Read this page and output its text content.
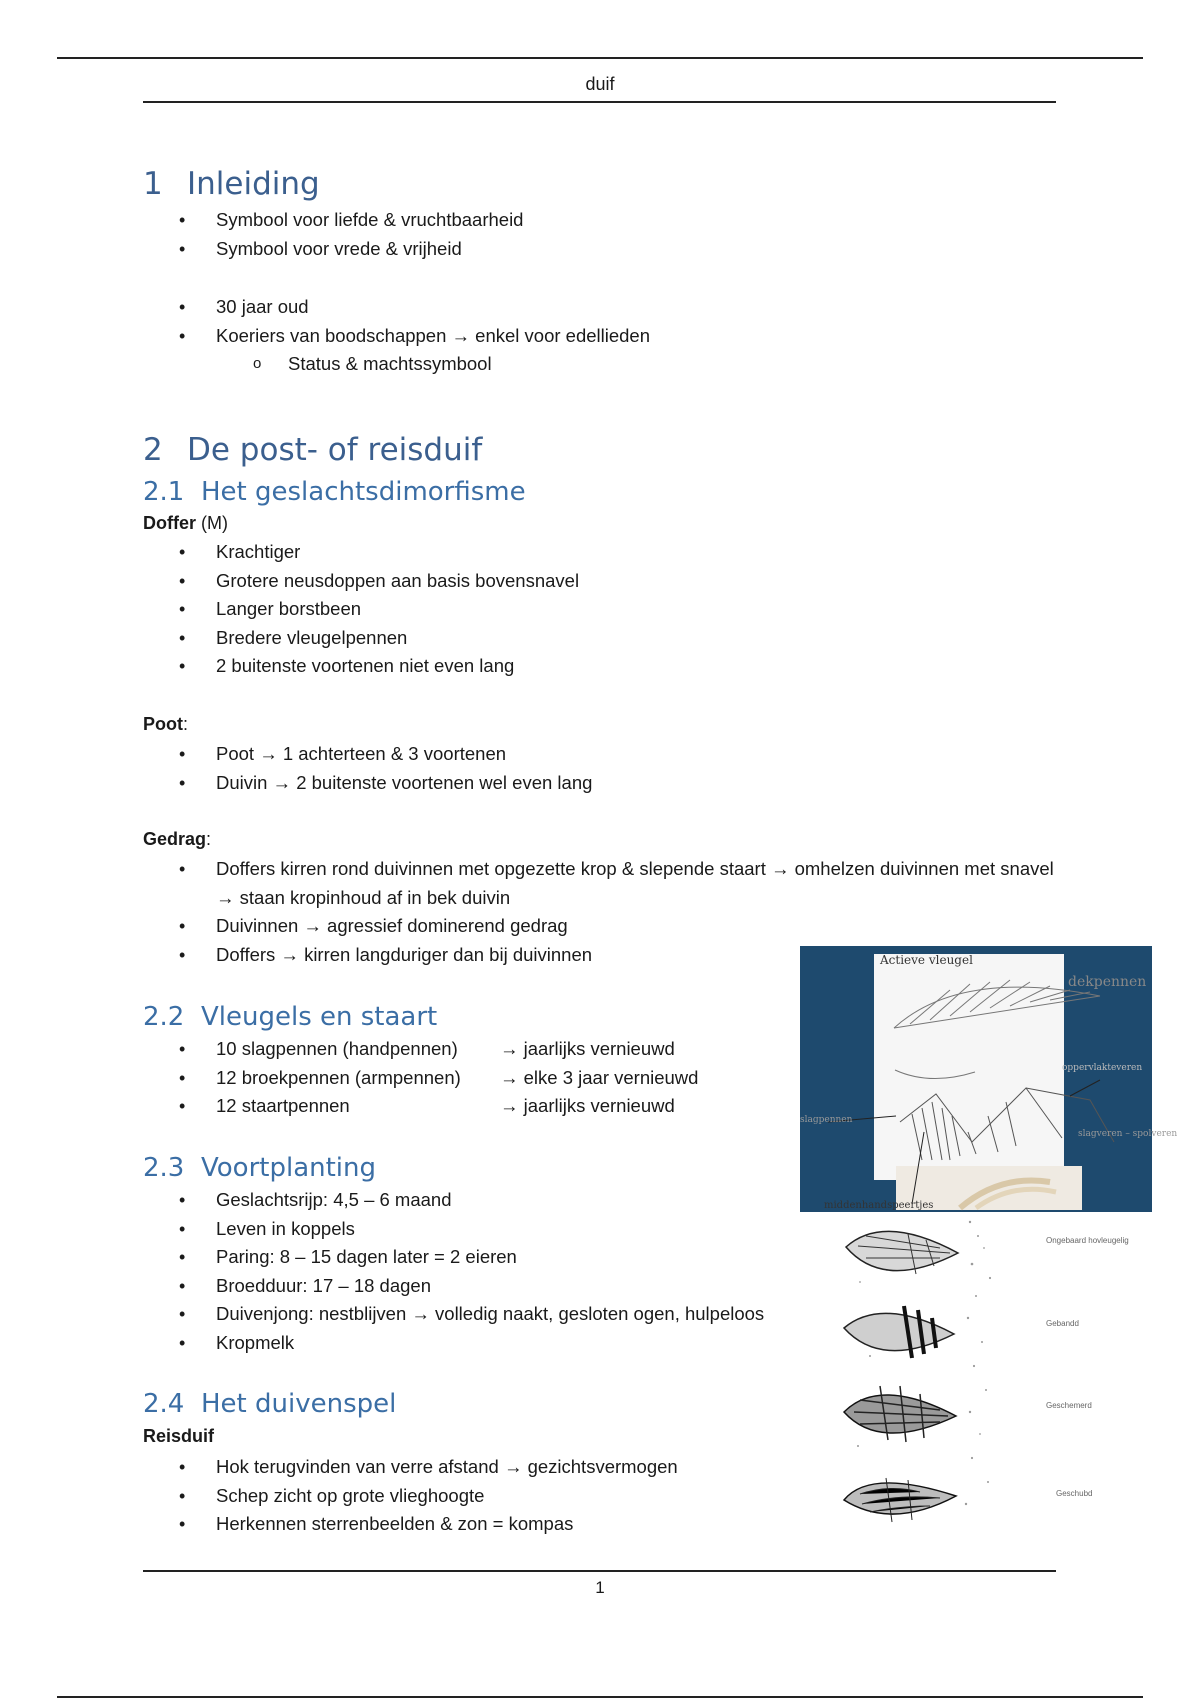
duif
1 Inleiding
• Symbool voor liefde & vruchtbaarheid
• Symbool voor vrede & vrijheid
• 30 jaar oud
• Koeriers van boodschappen → enkel voor edellieden
o Status & machtssymbool
2 De post- of reisduif
2.1 Het geslachtsdimorfisme
Doffer (M)
• Krachtiger
• Grotere neusdoppen aan basis bovensnavel
• Langer borstbeen
• Bredere vleugelpennen
• 2 buitenste voortenen niet even lang
Poot:
• Poot → 1 achterteen & 3 voortenen
• Duivin → 2 buitenste voortenen wel even lang
Gedrag:
• Doffers kirren rond duivinnen met opgezette krop & slepende staart → omhelzen duivinnen met snavel → staan kropinhoud af in bek duivin
• Duivinnen → agressief dominerend gedrag
• Doffers → kirren langduriger dan bij duivinnen
2.2 Vleugels en staart
• 10 slagpennen (handpennen) → jaarlijks vernieuwd
• 12 broekpennen (armpennen) → elke 3 jaar vernieuwd
• 12 staartpennen	→ jaarlijks vernieuwd
2.3 Voortplanting
• Geslachtsrijp: 4,5 – 6 maand
• Leven in koppels
• Paring: 8 – 15 dagen later = 2 eieren
• Broedduur: 17 – 18 dagen
• Duivenjong: nestblijven → volledig naakt, gesloten ogen, hulpeloos
• Kropmelk
2.4 Het duivenspel
Reisduif
• Hok terugvinden van verre afstand → gezichtsvermogen
• Schep zicht op grote vlieghoogte
• Herkennen sterrenbeelden & zon = kompas
Actieve vleugel
dekpennen
oppervlakteveren
slagpennen
slagveren – spolveren
middenhandspeertjes
Ongebaard hovleugelig
Gebandd
Geschemerd
Geschubd
1
